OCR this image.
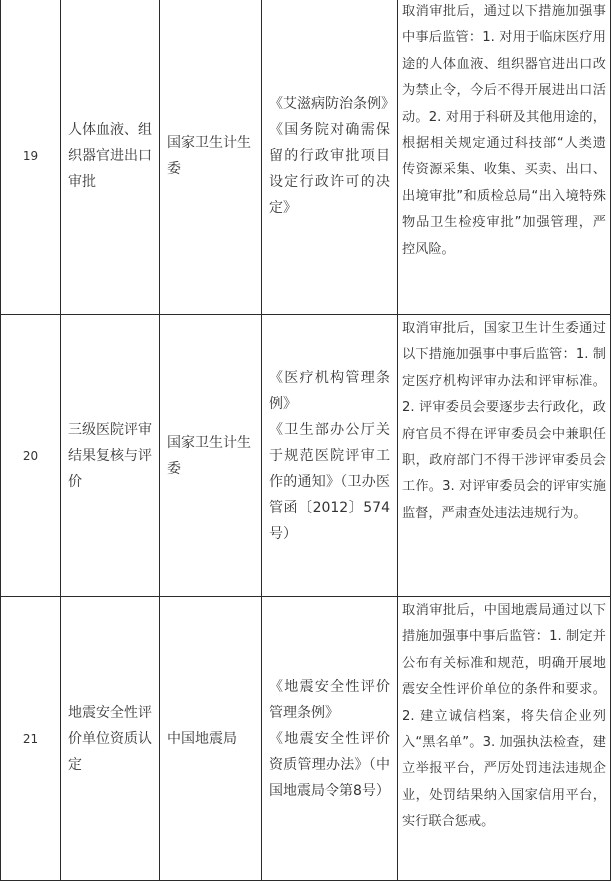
19	人体血液、组织器官进出口审批	国家卫生计生委	《艾滋病防治条例》
《国务院对确需保留的行政审批项目设定行政许可的决定》	取消审批后，通过以下措施加强事中事后监管：1. 对用于临床医疗用途的人体血液、组织器官进出口改为禁止令，今后不得开展进出口活动。2. 对用于科研及其他用途的，根据相关规定通过科技部“人类遗传资源采集、收集、买卖、出口、出境审批”和质检总局“出入境特殊物品卫生检疫审批”加强管理，严控风险。

20	三级医院评审结果复核与评价	国家卫生计生委	《医疗机构管理条例》
《卫生部办公厅关于规范医院评审工作的通知》（卫办医管函〔2012〕574号）	取消审批后，国家卫生计生委通过以下措施加强事中事后监管：1. 制定医疗机构评审办法和评审标准。2. 评审委员会要逐步去行政化，政府官员不得在评审委员会中兼职任职，政府部门不得干涉评审委员会工作。3. 对评审委员会的评审实施监督，严肃查处违法违规行为。

21	地震安全性评价单位资质认定	中国地震局	《地震安全性评价管理条例》
《地震安全性评价资质管理办法》（中国地震局令第8号）	取消审批后，中国地震局通过以下措施加强事中事后监管：1. 制定并公布有关标准和规范，明确开展地震安全性评价单位的条件和要求。2. 建立诚信档案，将失信企业列入“黑名单”。3. 加强执法检查，建立举报平台，严厉处罚违法违规企业，处罚结果纳入国家信用平台，实行联合惩戒。
